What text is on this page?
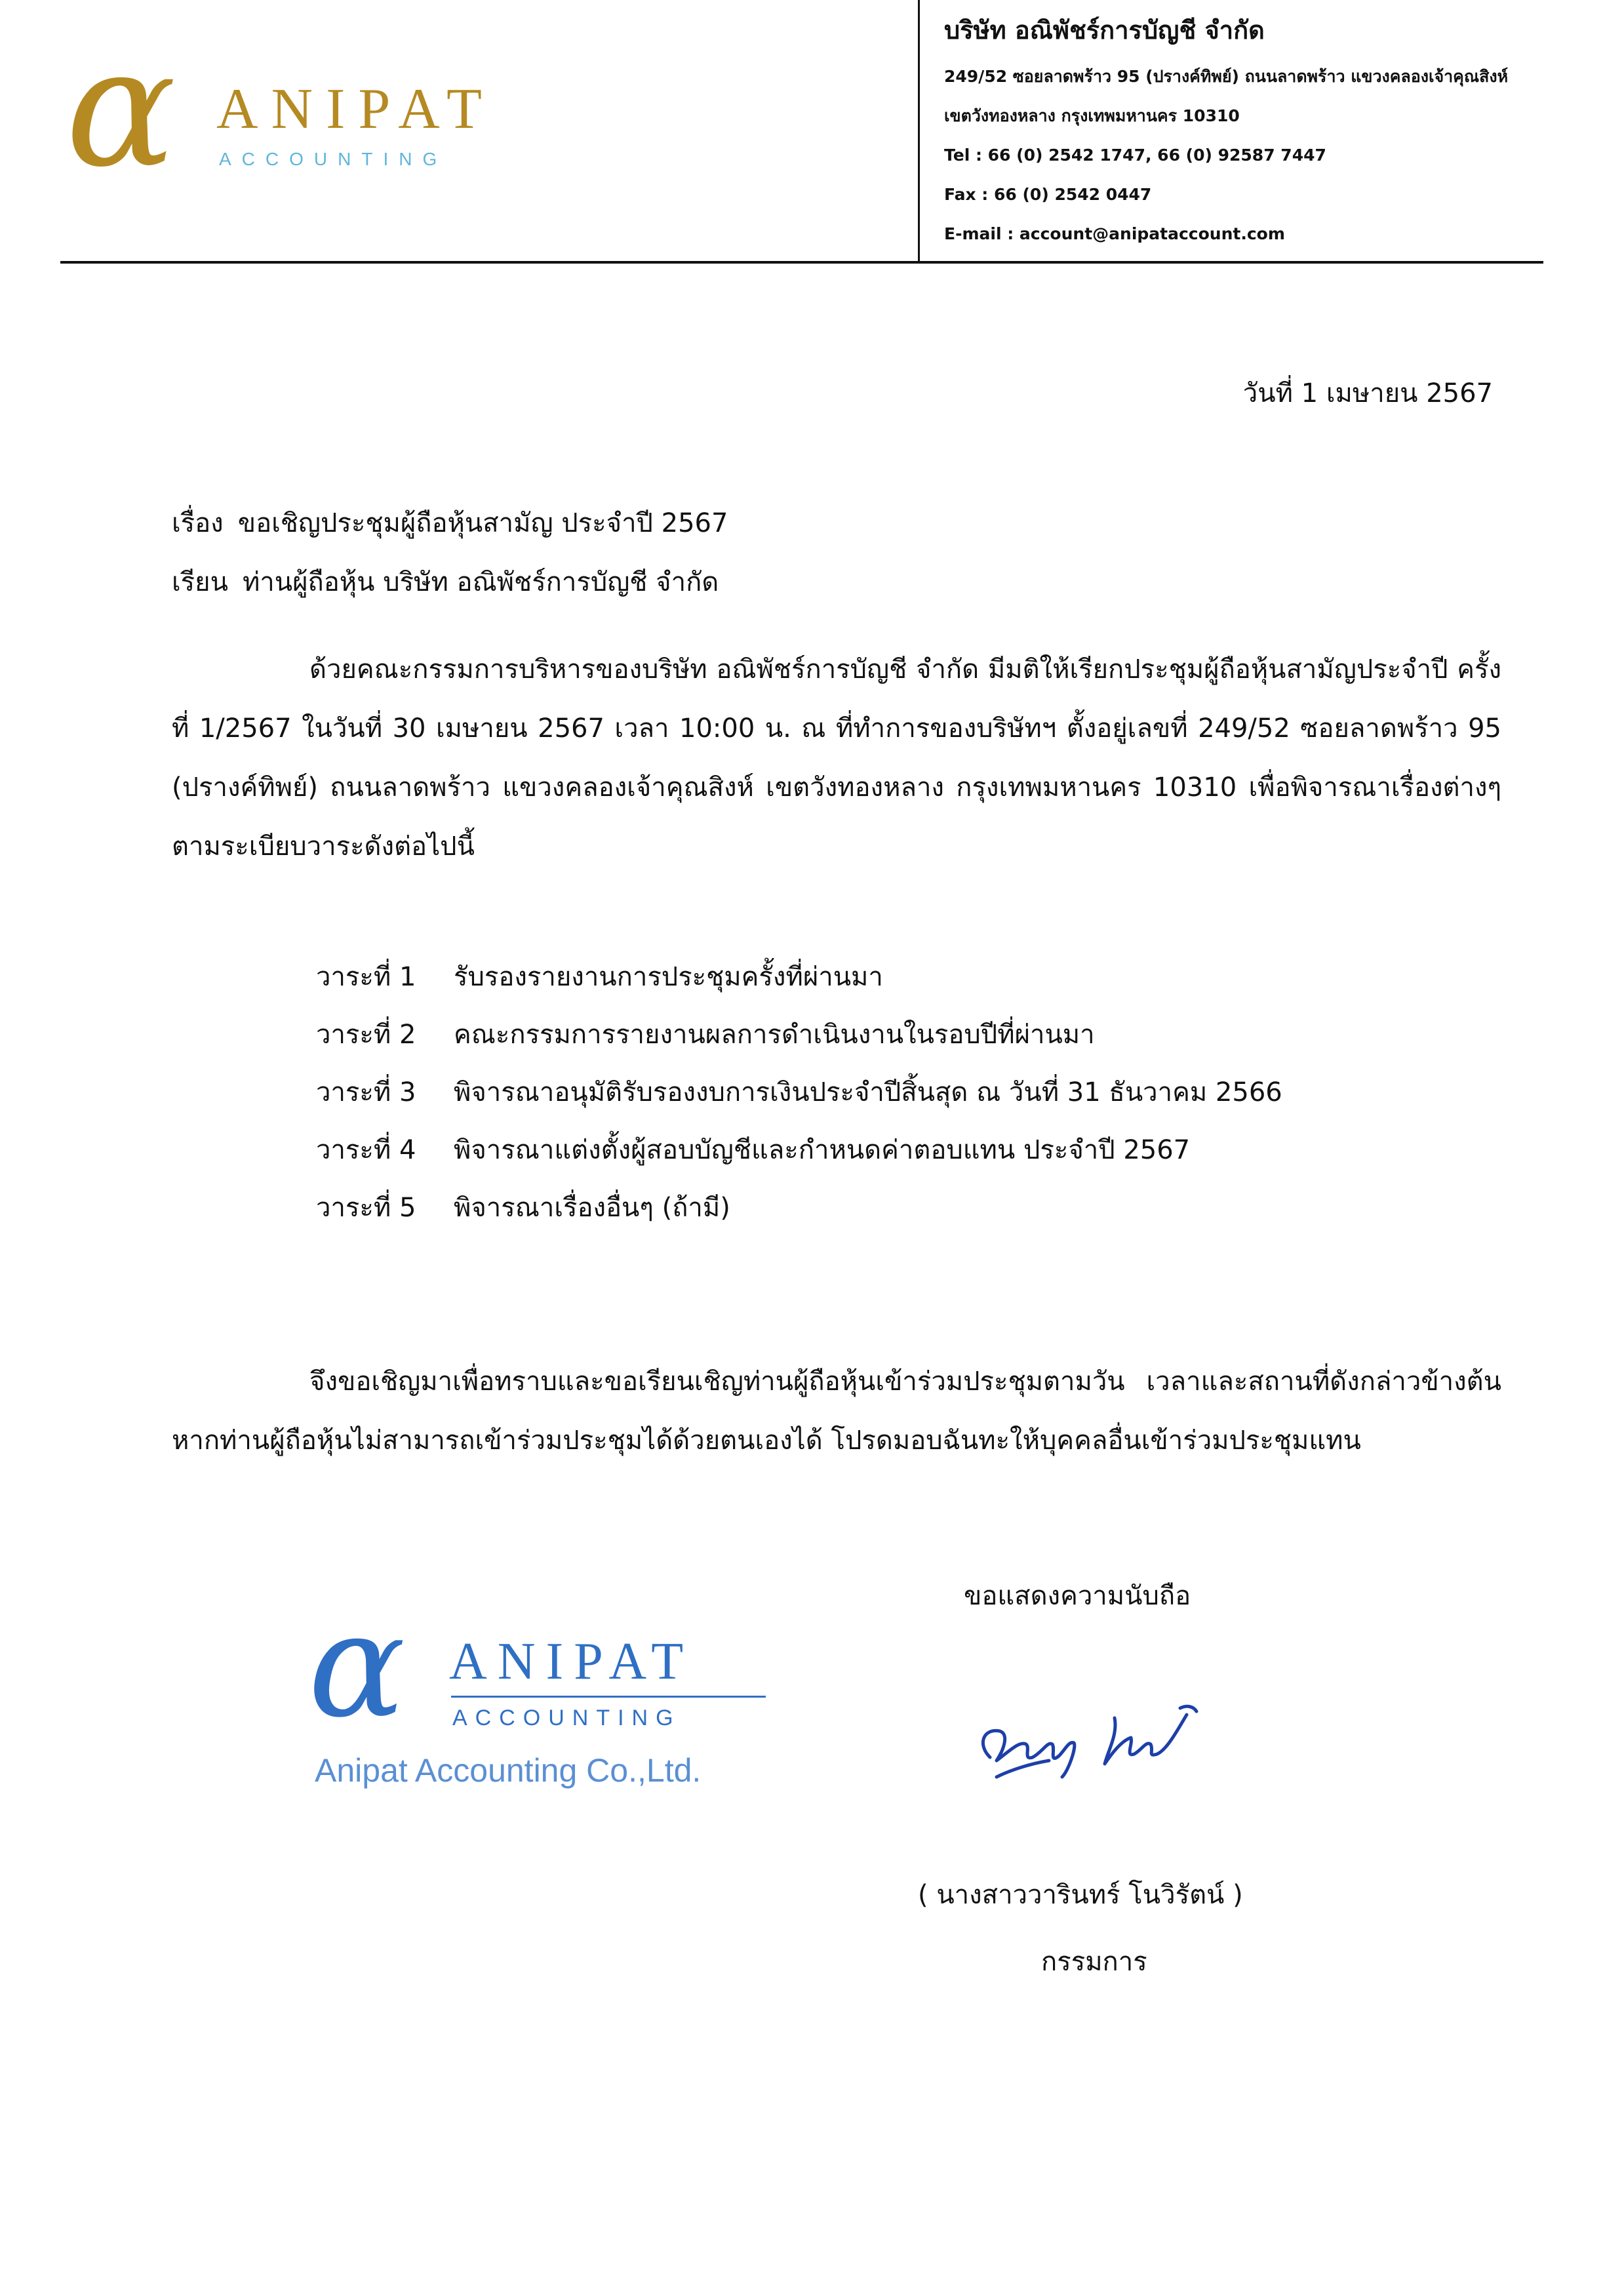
α ANIPAT
ACCOUNTING
บริษัท อณิพัชร์การบัญชี จำกัด
249/52 ซอยลาดพร้าว 95 (ปรางค์ทิพย์) ถนนลาดพร้าว แขวงคลองเจ้าคุณสิงห์
เขตวังทองหลาง กรุงเทพมหานคร 10310
Tel : 66 (0) 2542 1747, 66 (0) 92587 7447
Fax : 66 (0) 2542 0447
E-mail : account@anipataccount.com
วันที่ 1 เมษายน 2567
เรื่อง ขอเชิญประชุมผู้ถือหุ้นสามัญ ประจำปี 2567
เรียน ท่านผู้ถือหุ้น บริษัท อณิพัชร์การบัญชี จำกัด
ด้วยคณะกรรมการบริหารของบริษัท อณิพัชร์การบัญชี จำกัด มีมติให้เรียกประชุมผู้ถือหุ้นสามัญประจำปี ครั้งที่ 1/2567 ในวันที่ 30 เมษายน 2567 เวลา 10:00 น. ณ ที่ทำการของบริษัทฯ ตั้งอยู่เลขที่ 249/52 ซอยลาดพร้าว 95 (ปรางค์ทิพย์) ถนนลาดพร้าว แขวงคลองเจ้าคุณสิงห์ เขตวังทองหลาง กรุงเทพมหานคร 10310 เพื่อพิจารณาเรื่องต่างๆ ตามระเบียบวาระดังต่อไปนี้
วาระที่ 1 รับรองรายงานการประชุมครั้งที่ผ่านมา
วาระที่ 2 คณะกรรมการรายงานผลการดำเนินงานในรอบปีที่ผ่านมา
วาระที่ 3 พิจารณาอนุมัติรับรองงบการเงินประจำปีสิ้นสุด ณ วันที่ 31 ธันวาคม 2566
วาระที่ 4 พิจารณาแต่งตั้งผู้สอบบัญชีและกำหนดค่าตอบแทน ประจำปี 2567
วาระที่ 5 พิจารณาเรื่องอื่นๆ (ถ้ามี)
จึงขอเชิญมาเพื่อทราบและขอเรียนเชิญท่านผู้ถือหุ้นเข้าร่วมประชุมตามวัน เวลาและสถานที่ดังกล่าวข้างต้น หากท่านผู้ถือหุ้นไม่สามารถเข้าร่วมประชุมได้ด้วยตนเองได้ โปรดมอบฉันทะให้บุคคลอื่นเข้าร่วมประชุมแทน
α ANIPAT
ACCOUNTING
Anipat Accounting Co.,Ltd.
ขอแสดงความนับถือ
( นางสาววารินทร์ โนวิรัตน์ )
กรรมการ
